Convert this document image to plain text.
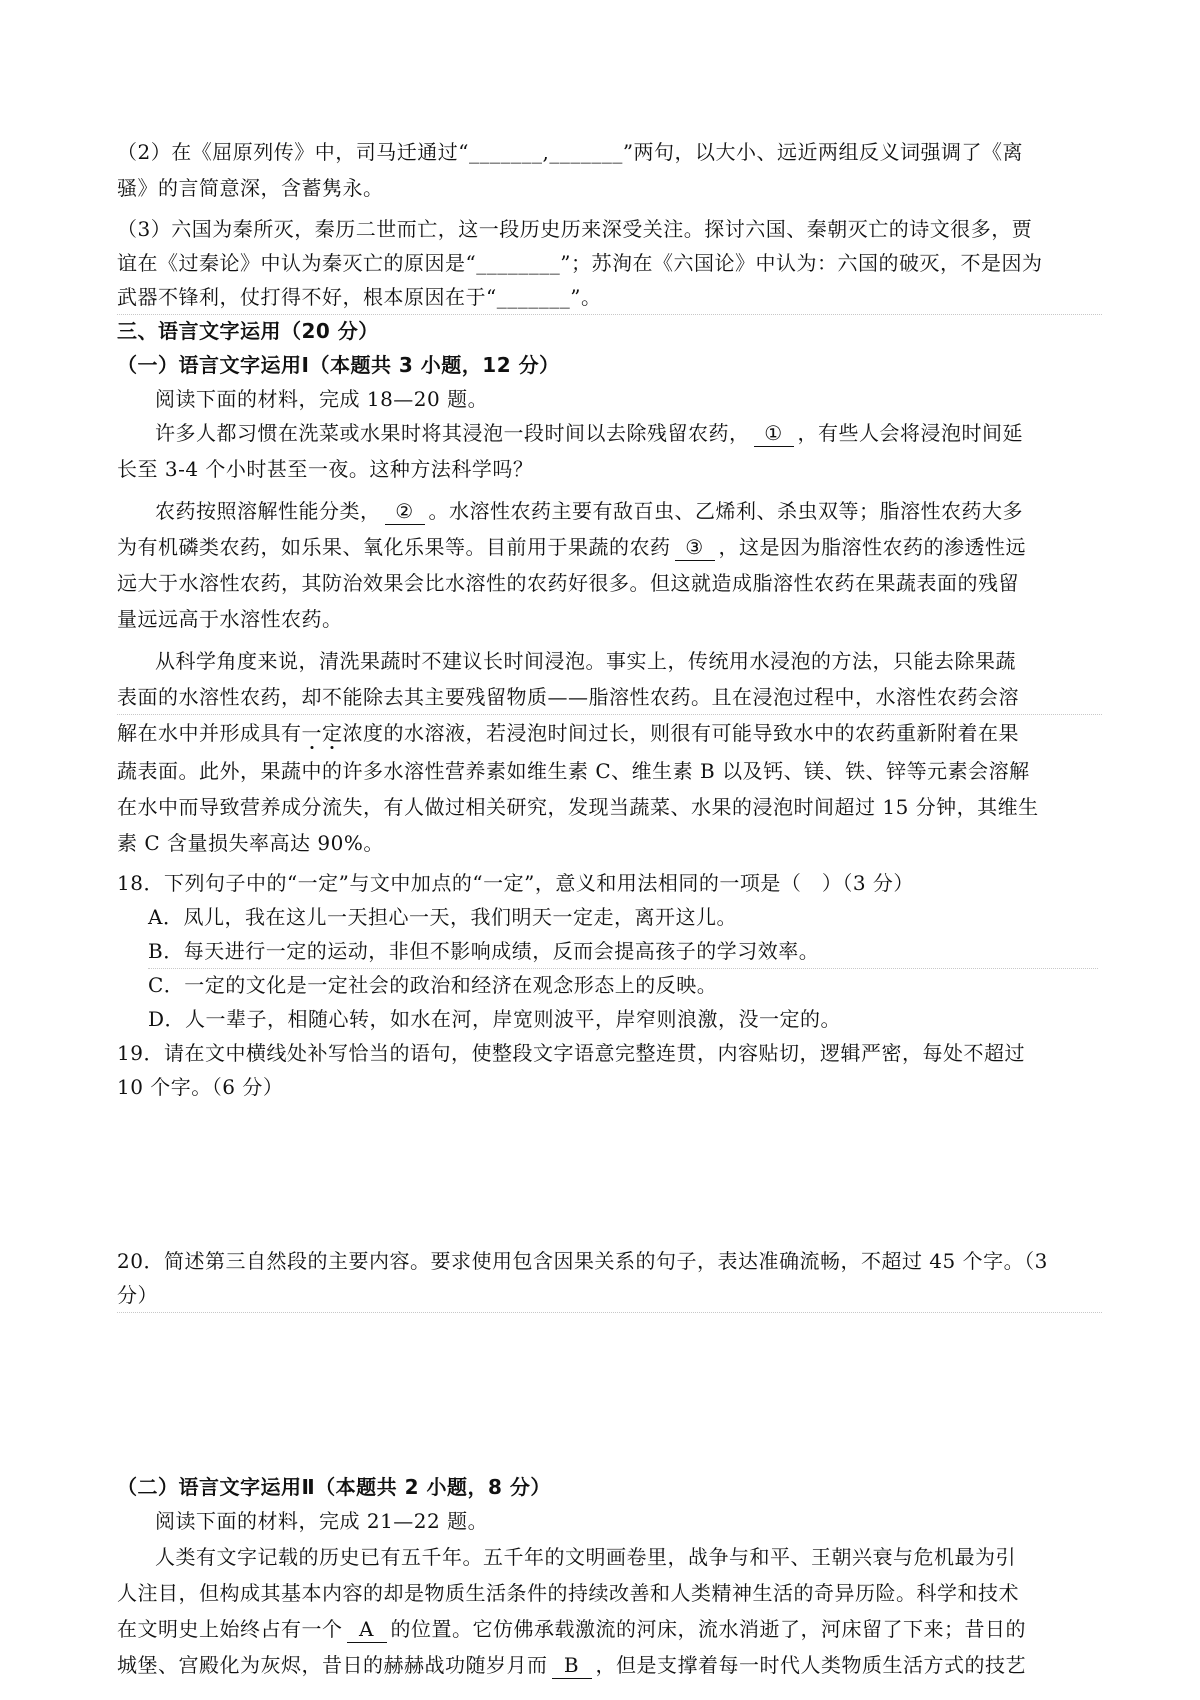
（2）在《屈原列传》中，司马迁通过“_______,_______”两句，以大小、远近两组反义词强调了《离
骚》的言简意深，含蓄隽永。
（3）六国为秦所灭，秦历二世而亡，这一段历史历来深受关注。探讨六国、秦朝灭亡的诗文很多，贾
谊在《过秦论》中认为秦灭亡的原因是“________”；苏洵在《六国论》中认为：六国的破灭，不是因为
武器不锋利，仗打得不好，根本原因在于“_______”。
三、语言文字运用（20 分）
（一）语言文字运用Ⅰ（本题共 3 小题，12 分）
阅读下面的材料，完成 18—20 题。
许多人都习惯在洗菜或水果时将其浸泡一段时间以去除残留农药， ① ，有些人会将浸泡时间延
长至 3-4 个小时甚至一夜。这种方法科学吗？
农药按照溶解性能分类， ② 。水溶性农药主要有敌百虫、乙烯利、杀虫双等；脂溶性农药大多
为有机磷类农药，如乐果、氧化乐果等。目前用于果蔬的农药 ③ ，这是因为脂溶性农药的渗透性远
远大于水溶性农药，其防治效果会比水溶性的农药好很多。但这就造成脂溶性农药在果蔬表面的残留
量远远高于水溶性农药。
从科学角度来说，清洗果蔬时不建议长时间浸泡。事实上，传统用水浸泡的方法，只能去除果蔬
表面的水溶性农药，却不能除去其主要残留物质——脂溶性农药。且在浸泡过程中，水溶性农药会溶
解在水中并形成具有一定浓度的水溶液，若浸泡时间过长，则很有可能导致水中的农药重新附着在果
蔬表面。此外，果蔬中的许多水溶性营养素如维生素 C、维生素 B 以及钙、镁、铁、锌等元素会溶解
在水中而导致营养成分流失，有人做过相关研究，发现当蔬菜、水果的浸泡时间超过 15 分钟，其维生
素 C 含量损失率高达 90%。
18．下列句子中的“一定”与文中加点的“一定”，意义和用法相同的一项是（　）（3 分）
A．凤儿，我在这儿一天担心一天，我们明天一定走，离开这儿。
B．每天进行一定的运动，非但不影响成绩，反而会提高孩子的学习效率。
C．一定的文化是一定社会的政治和经济在观念形态上的反映。
D．人一辈子，相随心转，如水在河，岸宽则波平，岸窄则浪激，没一定的。
19．请在文中横线处补写恰当的语句，使整段文字语意完整连贯，内容贴切，逻辑严密，每处不超过
10 个字。（6 分）
20．简述第三自然段的主要内容。要求使用包含因果关系的句子，表达准确流畅，不超过 45 个字。（3
分）
（二）语言文字运用Ⅱ（本题共 2 小题，8 分）
阅读下面的材料，完成 21—22 题。
人类有文字记载的历史已有五千年。五千年的文明画卷里，战争与和平、王朝兴衰与危机最为引
人注目，但构成其基本内容的却是物质生活条件的持续改善和人类精神生活的奇异历险。科学和技术
在文明史上始终占有一个 A 的位置。它仿佛承载激流的河床，流水消逝了，河床留了下来；昔日的
城堡、宫殿化为灰烬，昔日的赫赫战功随岁月而 B ，但是支撑着每一时代人类物质生活方式的技艺
